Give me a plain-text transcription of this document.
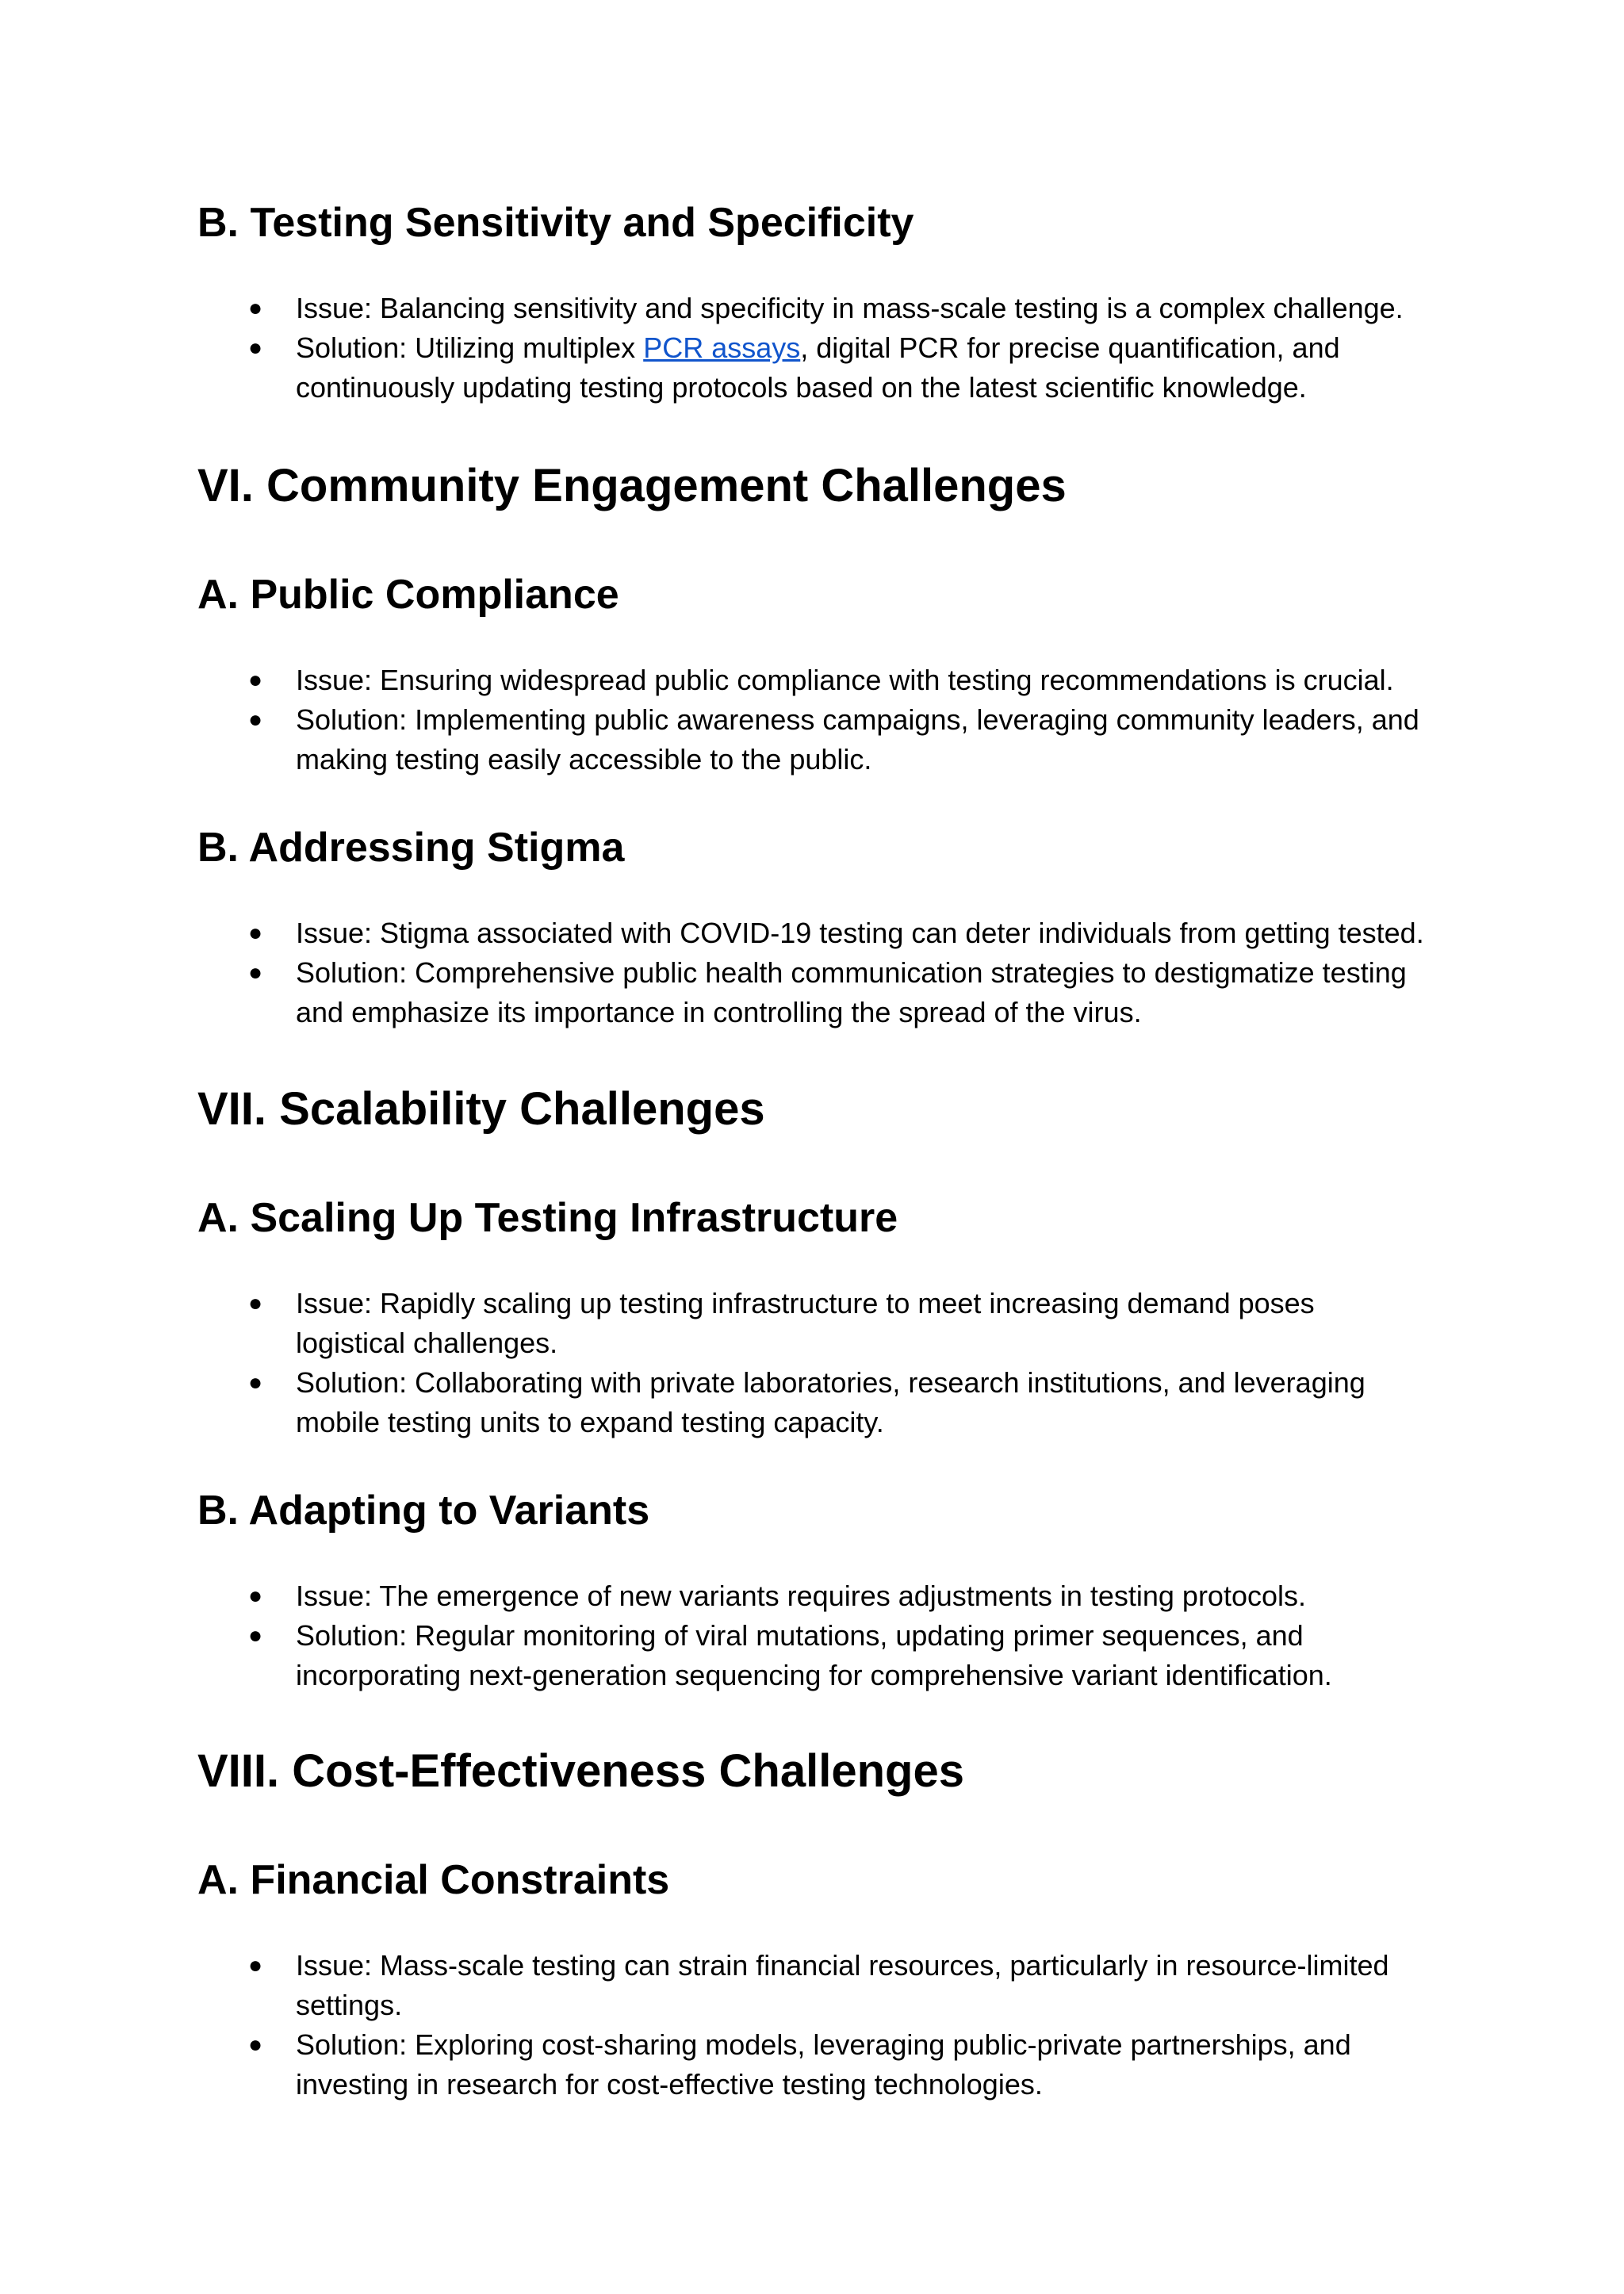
B. Testing Sensitivity and Specificity
● Issue: Balancing sensitivity and specificity in mass-scale testing is a complex challenge.
● Solution: Utilizing multiplex PCR assays, digital PCR for precise quantification, and
continuously updating testing protocols based on the latest scientific knowledge.
VI. Community Engagement Challenges
A. Public Compliance
● Issue: Ensuring widespread public compliance with testing recommendations is crucial.
● Solution: Implementing public awareness campaigns, leveraging community leaders, and
making testing easily accessible to the public.
B. Addressing Stigma
● Issue: Stigma associated with COVID-19 testing can deter individuals from getting tested.
● Solution: Comprehensive public health communication strategies to destigmatize testing
and emphasize its importance in controlling the spread of the virus.
VII. Scalability Challenges
A. Scaling Up Testing Infrastructure
● Issue: Rapidly scaling up testing infrastructure to meet increasing demand poses
logistical challenges.
● Solution: Collaborating with private laboratories, research institutions, and leveraging
mobile testing units to expand testing capacity.
B. Adapting to Variants
● Issue: The emergence of new variants requires adjustments in testing protocols.
● Solution: Regular monitoring of viral mutations, updating primer sequences, and
incorporating next-generation sequencing for comprehensive variant identification.
VIII. Cost-Effectiveness Challenges
A. Financial Constraints
● Issue: Mass-scale testing can strain financial resources, particularly in resource-limited
settings.
● Solution: Exploring cost-sharing models, leveraging public-private partnerships, and
investing in research for cost-effective testing technologies.
